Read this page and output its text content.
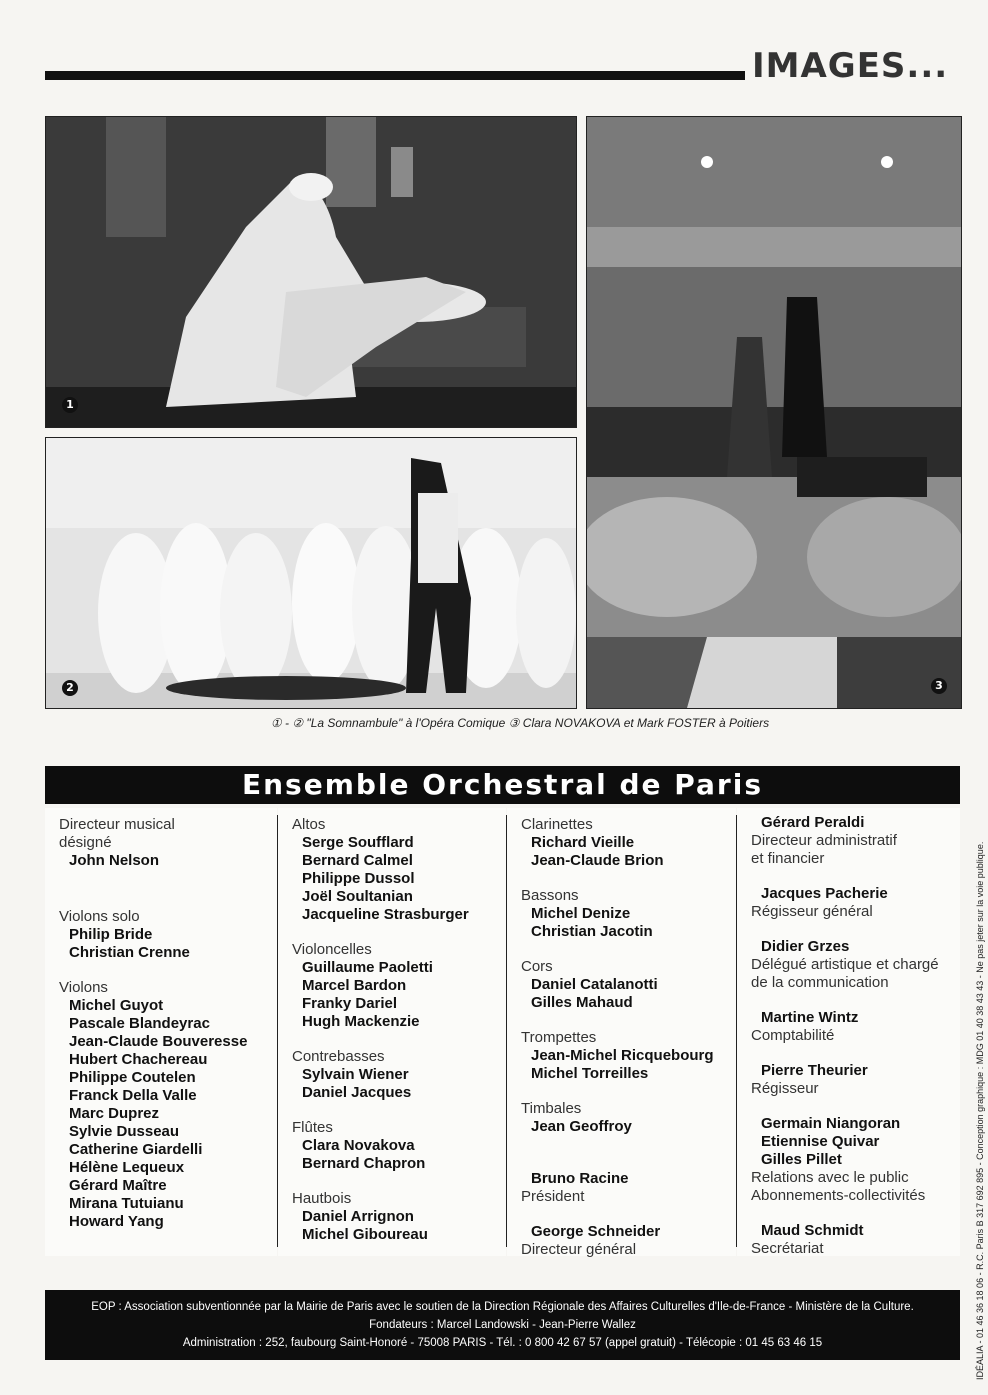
IMAGES...
1
2	3
① - ② "La Somnambule" à l'Opéra Comique ③ Clara NOVAKOVA et Mark FOSTER à Poitiers
Ensemble Orchestral de Paris
Directeur musical
désigné
John Nelson
Violons solo
Philip Bride
Christian Crenne
Violons
Michel Guyot
Pascale Blandeyrac
Jean-Claude Bouveresse
Hubert Chachereau
Philippe Coutelen
Franck Della Valle
Marc Duprez
Sylvie Dusseau
Catherine Giardelli
Hélène Lequeux
Gérard Maître
Mirana Tutuianu
Howard Yang
Altos
Serge Soufflard
Bernard Calmel
Philippe Dussol
Joël Soultanian
Jacqueline Strasburger
Violoncelles
Guillaume Paoletti
Marcel Bardon
Franky Dariel
Hugh Mackenzie
Contrebasses
Sylvain Wiener
Daniel Jacques
Flûtes
Clara Novakova
Bernard Chapron
Hautbois
Daniel Arrignon
Michel Giboureau
Clarinettes
Richard Vieille
Jean-Claude Brion
Bassons
Michel Denize
Christian Jacotin
Cors
Daniel Catalanotti
Gilles Mahaud
Trompettes
Jean-Michel Ricquebourg
Michel Torreilles
Timbales
Jean Geoffroy
Bruno Racine
Président
George Schneider
Directeur général
Gérard Peraldi
Directeur administratif
et financier
Jacques Pacherie
Régisseur général
Didier Grzes
Délégué artistique et chargé
de la communication
Martine Wintz
Comptabilité
Pierre Theurier
Régisseur
Germain Niangoran
Etiennise Quivar
Gilles Pillet
Relations avec le public
Abonnements-collectivités
Maud Schmidt
Secrétariat
EOP : Association subventionnée par la Mairie de Paris avec le soutien de la Direction Régionale des Affaires Culturelles d'Ile-de-France - Ministère de la Culture.
Fondateurs : Marcel Landowski - Jean-Pierre Wallez
Administration : 252, faubourg Saint-Honoré - 75008 PARIS - Tél. : 0 800 42 67 57 (appel gratuit) - Télécopie : 01 45 63 46 15	IDÉALIA - 01 46 36 18 06 - R.C. Paris B 317 692 895 - Conception graphique : MDG 01 40 38 43 43 - Ne pas jeter sur la voie publique.
